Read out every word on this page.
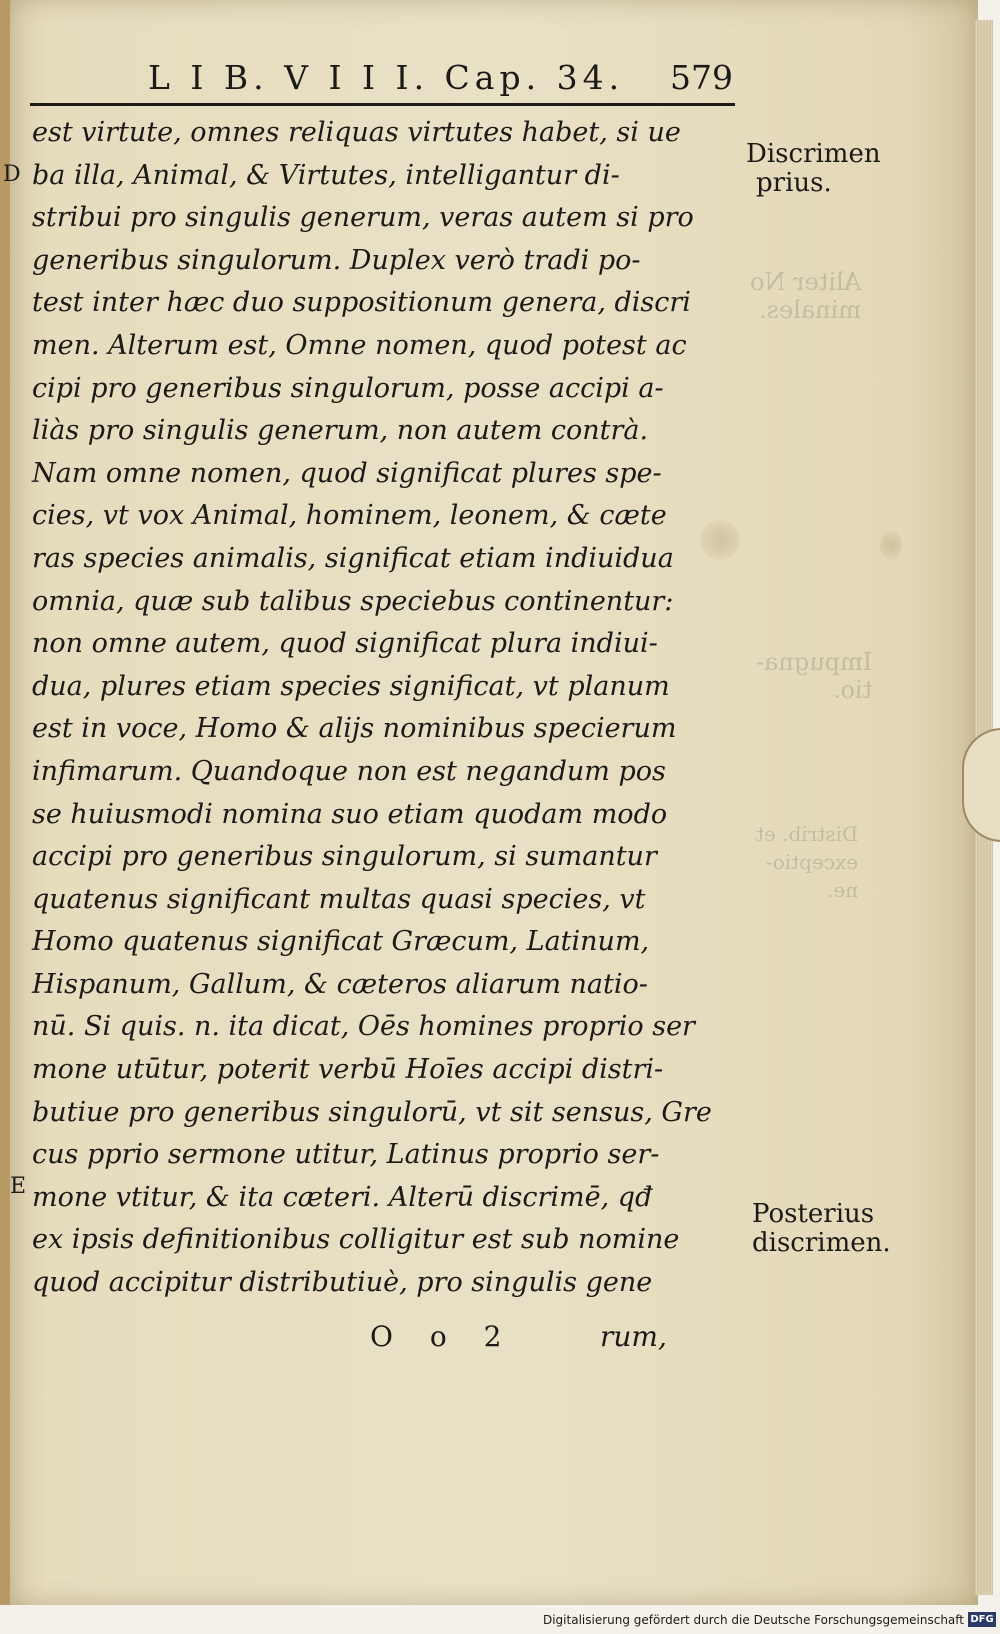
Aliter No
minales.
Impugna-
tio.
Distrib. et
exceptio-
ne.
L I B. V I I I. Cap. 34. 579
D
E
est virtute, omnes reliquas virtutes habet, si ue
ba illa, Animal, & Virtutes, intelligantur di-
stribui pro singulis generum, veras autem si pro
generibus singulorum. Duplex verò tradi po-
test inter hæc duo suppositionum genera, discri
men. Alterum est, Omne nomen, quod potest ac
cipi pro generibus singulorum, posse accipi a-
liàs pro singulis generum, non autem contrà.
Nam omne nomen, quod significat plures spe-
cies, vt vox Animal, hominem, leonem, & cæte
ras species animalis, significat etiam indiuidua
omnia, quæ sub talibus speciebus continentur:
non omne autem, quod significat plura indiui-
dua, plures etiam species significat, vt planum
est in voce, Homo & alijs nominibus specierum
infimarum. Quandoque non est negandum pos
se huiusmodi nomina suo etiam quodam modo
accipi pro generibus singulorum, si sumantur
quatenus significant multas quasi species, vt
Homo quatenus significat Græcum, Latinum,
Hispanum, Gallum, & cæteros aliarum natio-
nū. Si quis. n. ita dicat, Oēs homines proprio ser
mone utūtur, poterit verbū Hoīes accipi distri-
butiue pro generibus singulorū, vt sit sensus, Gre
cus pprio sermone utitur, Latinus proprio ser-
mone vtitur, & ita cæteri. Alterū discrimē, qđ
ex ipsis definitionibus colligitur est sub nomine
quod accipitur distributiuè, pro singulis gene
O o 2	rum,
Discrimen
prius.
Posterius
discrimen.
Digitalisierung gefördert durch die Deutsche Forschungsgemeinschaft DFG
